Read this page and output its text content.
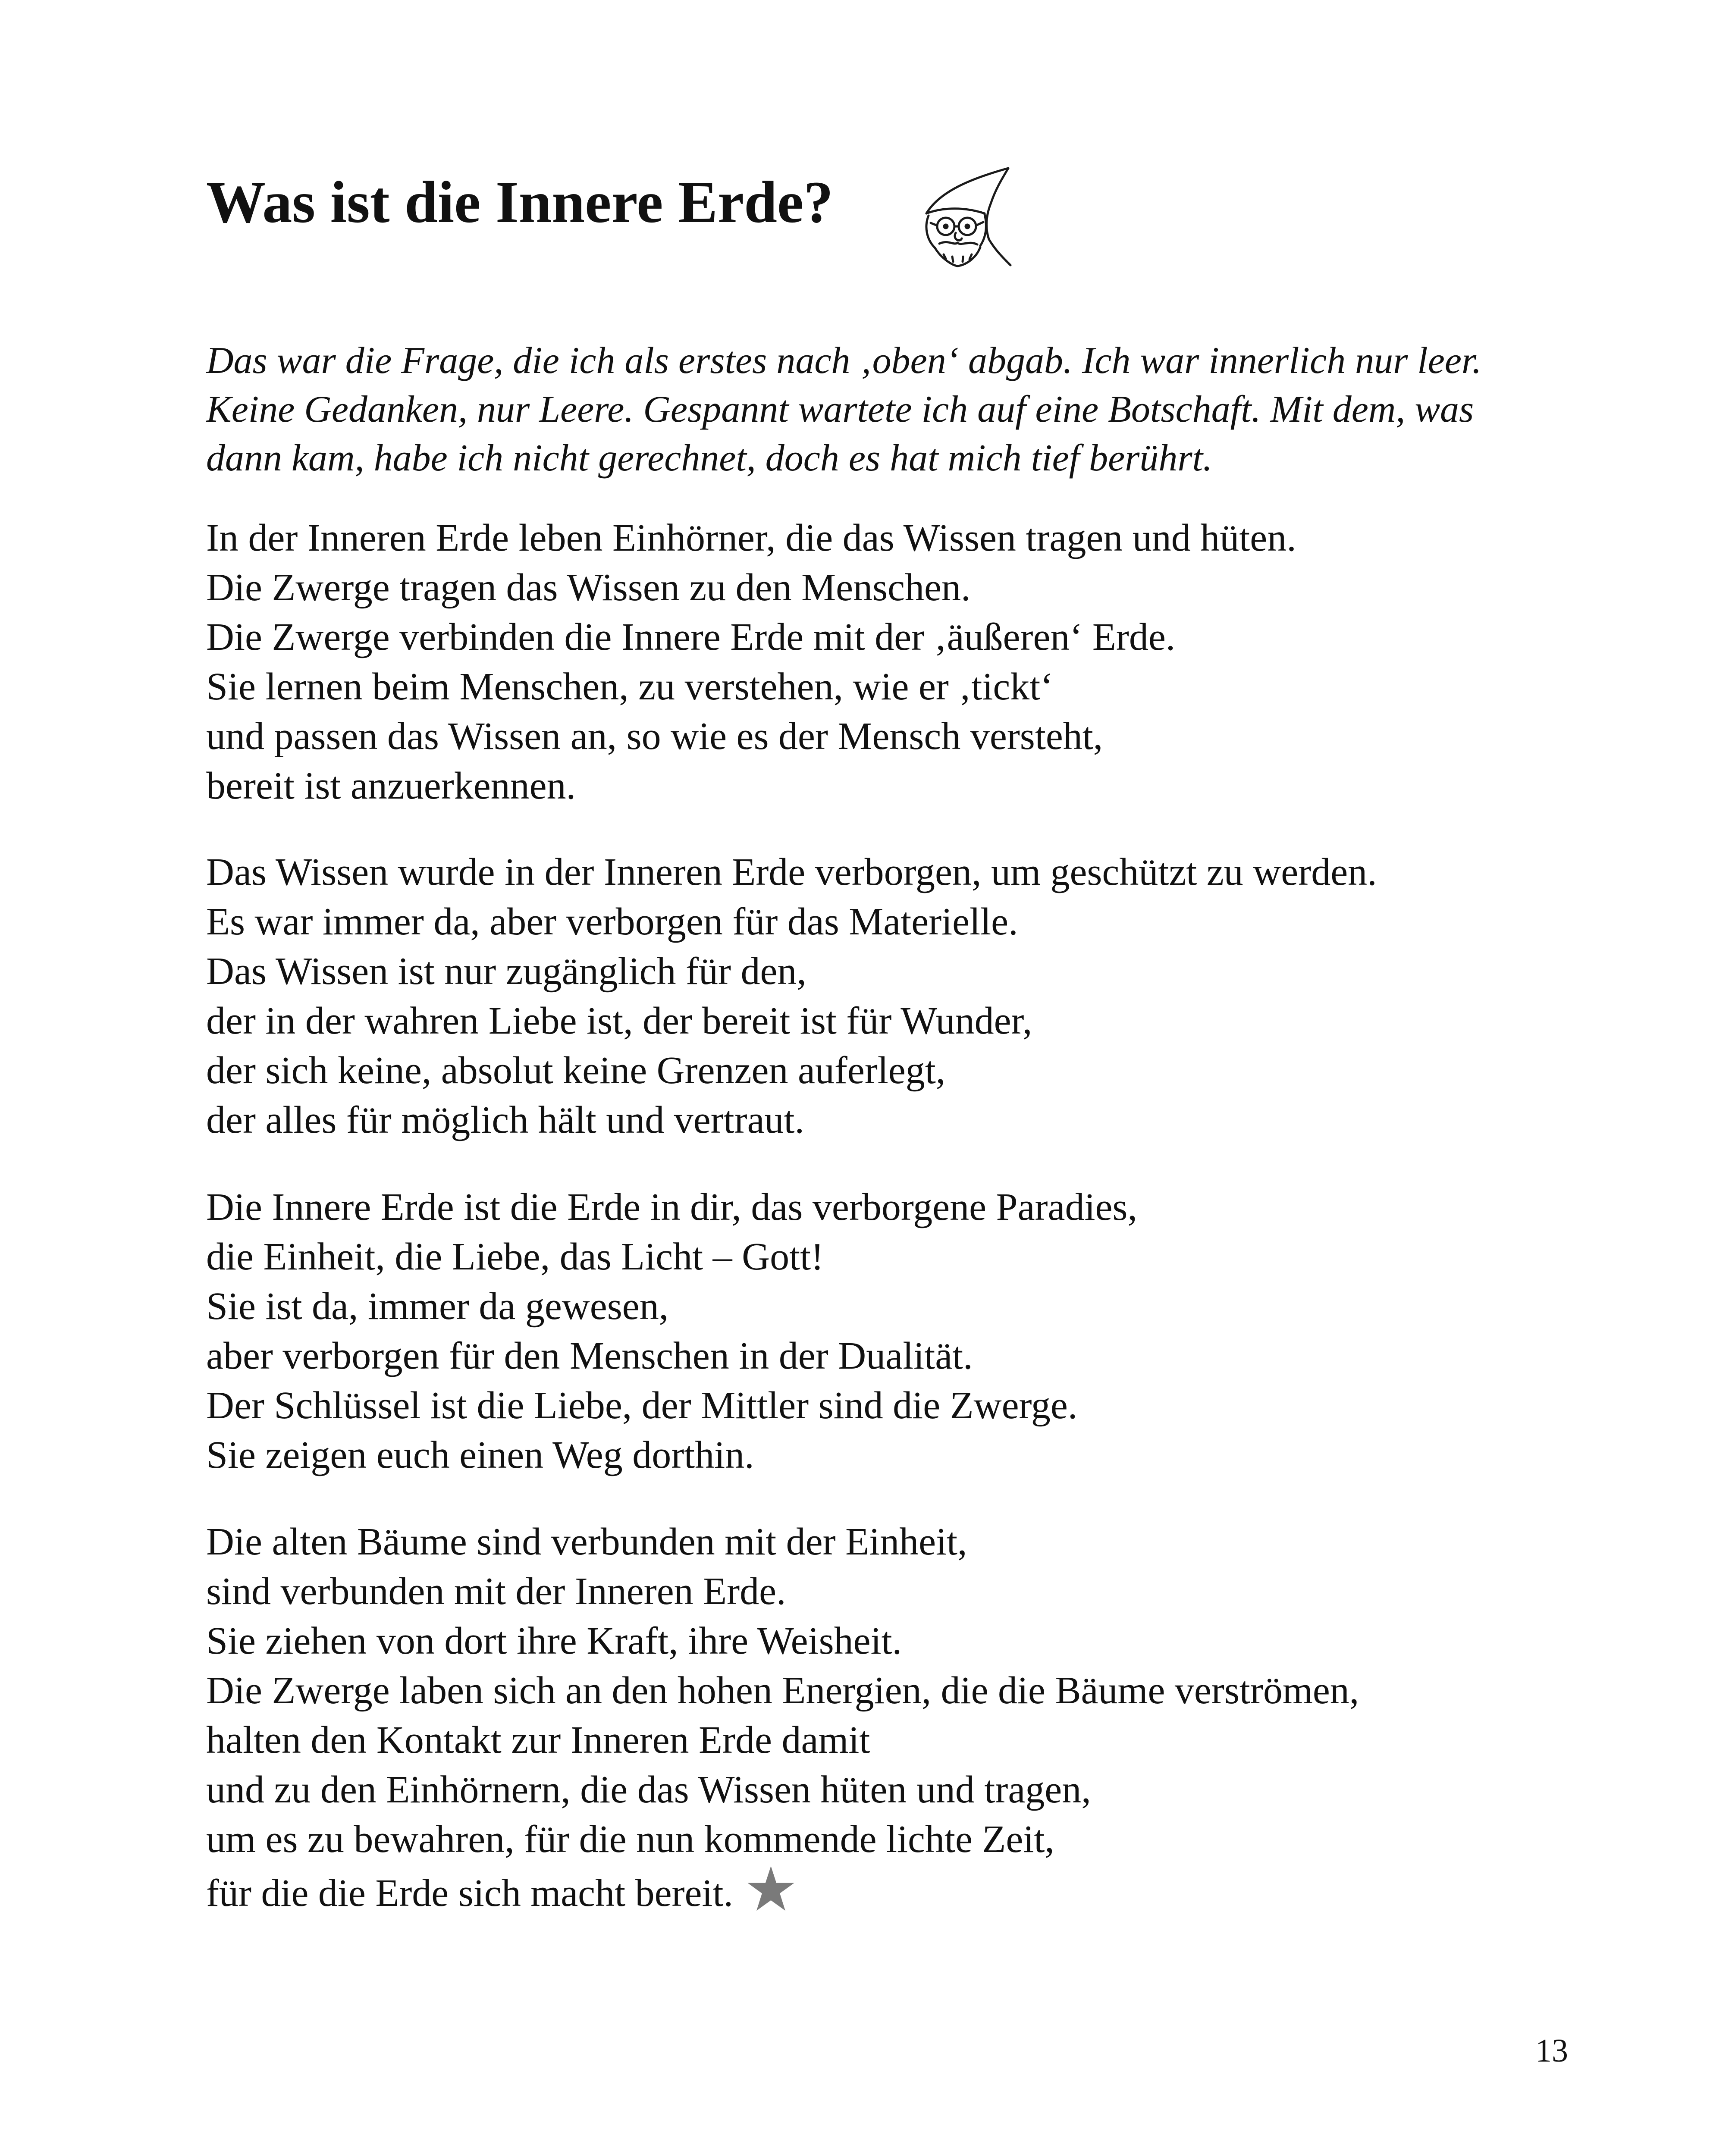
Was ist die Innere Erde?
Das war die Frage, die ich als erstes nach ‚oben‘ abgab. Ich war innerlich nur leer.
Keine Gedanken, nur Leere. Gespannt wartete ich auf eine Botschaft. Mit dem, was
dann kam, habe ich nicht gerechnet, doch es hat mich tief berührt.
In der Inneren Erde leben Einhörner, die das Wissen tragen und hüten.
Die Zwerge tragen das Wissen zu den Menschen.
Die Zwerge verbinden die Innere Erde mit der ‚äußeren‘ Erde.
Sie lernen beim Menschen, zu verstehen, wie er ‚tickt‘
und passen das Wissen an, so wie es der Mensch versteht,
bereit ist anzuerkennen.
Das Wissen wurde in der Inneren Erde verborgen, um geschützt zu werden.
Es war immer da, aber verborgen für das Materielle.
Das Wissen ist nur zugänglich für den,
der in der wahren Liebe ist, der bereit ist für Wunder,
der sich keine, absolut keine Grenzen auferlegt,
der alles für möglich hält und vertraut.
Die Innere Erde ist die Erde in dir, das verborgene Paradies,
die Einheit, die Liebe, das Licht – Gott!
Sie ist da, immer da gewesen,
aber verborgen für den Menschen in der Dualität.
Der Schlüssel ist die Liebe, der Mittler sind die Zwerge.
Sie zeigen euch einen Weg dorthin.
Die alten Bäume sind verbunden mit der Einheit,
sind verbunden mit der Inneren Erde.
Sie ziehen von dort ihre Kraft, ihre Weisheit.
Die Zwerge laben sich an den hohen Energien, die die Bäume verströmen,
halten den Kontakt zur Inneren Erde damit
und zu den Einhörnern, die das Wissen hüten und tragen,
um es zu bewahren, für die nun kommende lichte Zeit,
für die die Erde sich macht bereit.
13
